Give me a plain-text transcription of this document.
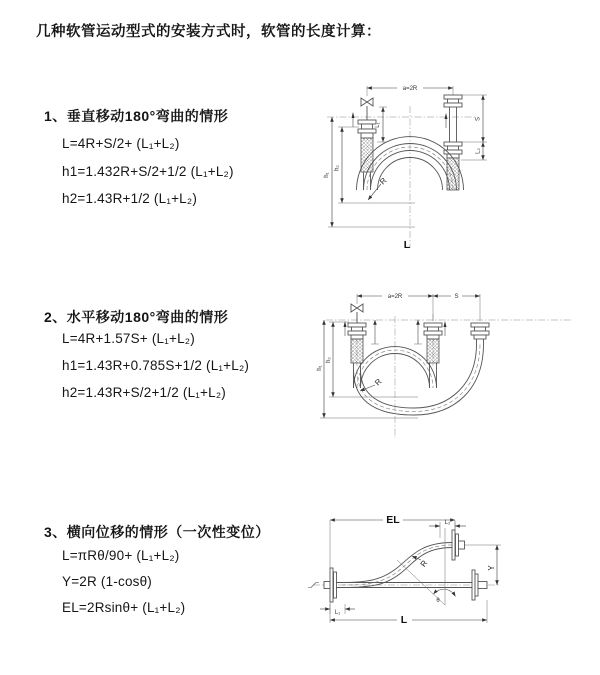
几种软管运动型式的安装方式时，软管的长度计算：
1、垂直移动180°弯曲的情形
L=4R+S/2+ (L₁+L₂)
h1=1.432R+S/2+1/2 (L₁+L₂)
h2=1.43R+1/2 (L₁+L₂)
2、水平移动180°弯曲的情形
L=4R+1.57S+ (L₁+L₂)
h1=1.43R+0.785S+1/2 (L₁+L₂)
h2=1.43R+S/2+1/2 (L₁+L₂)
3、横向位移的情形（一次性变位）
L=πRθ/90+ (L₁+L₂)
Y=2R (1-cosθ)
EL=2Rsinθ+ (L₁+L₂)
a=2R
h₁
h₂
L₁
S
L₂
R
L
a=2R	S
h₁
h₂
R
EL	L₂
θ
R	Y
L₁
L
